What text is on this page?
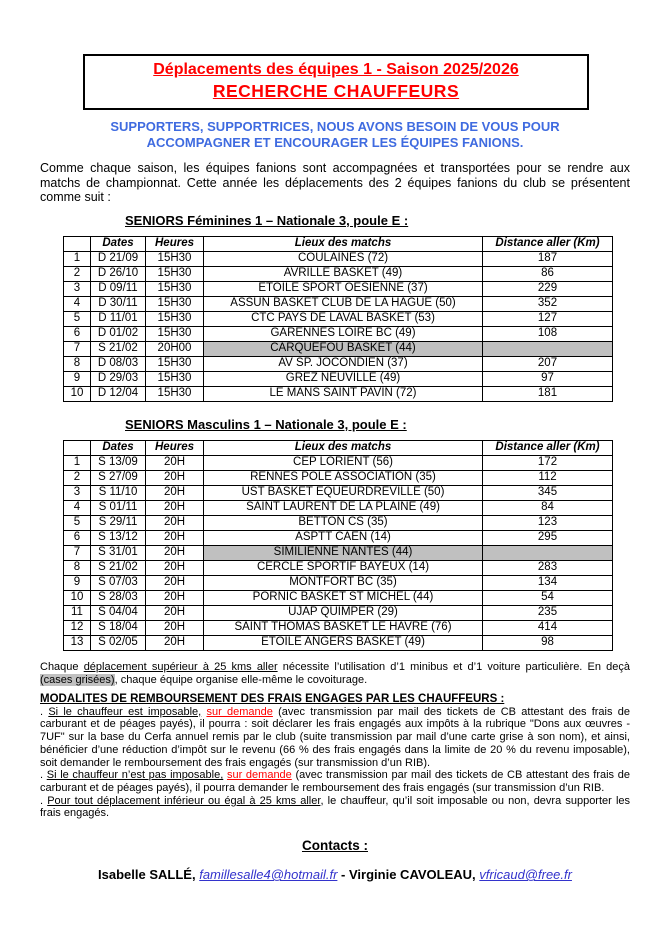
Déplacements des équipes 1 - Saison 2025/2026
RECHERCHE CHAUFFEURS
SUPPORTERS, SUPPORTRICES, NOUS AVONS BESOIN DE VOUS POUR
ACCOMPAGNER ET ENCOURAGER LES ÉQUIPES FANIONS.

Comme chaque saison, les équipes fanions sont accompagnées et transportées pour se rendre aux matchs de championnat. Cette année les déplacements des 2 équipes fanions du club se présentent comme suit :

SENIORS Féminines 1 – Nationale 3, poule E :
	Dates	Heures	Lieux des matchs	Distance aller (Km)
1	D 21/09	15H30	COULAINES (72)	187
2	D 26/10	15H30	AVRILLÉ BASKET (49)	86
3	D 09/11	15H30	ETOILE SPORT OESIENNE (37)	229
4	D 30/11	15H30	ASSUN BASKET CLUB DE LA HAGUE (50)	352
5	D 11/01	15H30	CTC PAYS DE LAVAL BASKET (53)	127
6	D 01/02	15H30	GARENNES LOIRE BC (49)	108
7	S 21/02	20H00	CARQUEFOU BASKET (44)	
8	D 08/03	15H30	AV SP. JOCONDIEN (37)	207
9	D 29/03	15H30	GREZ NEUVILLE (49)	97
10	D 12/04	15H30	LE MANS SAINT PAVIN (72)	181
SENIORS Masculins 1 – Nationale 3, poule E :
	Dates	Heures	Lieux des matchs	Distance aller (Km)
1	S 13/09	20H	CEP LORIENT (56)	172
2	S 27/09	20H	RENNES POLE ASSOCIATION (35)	112
3	S 11/10	20H	UST BASKET EQUEURDREVILLE (50)	345
4	S 01/11	20H	SAINT LAURENT DE LA PLAINE (49)	84
5	S 29/11	20H	BETTON CS (35)	123
6	S 13/12	20H	ASPTT CAEN (14)	295
7	S 31/01	20H	SIMILIENNE NANTES (44)	
8	S 21/02	20H	CERCLE SPORTIF BAYEUX (14)	283
9	S 07/03	20H	MONTFORT BC (35)	134
10	S 28/03	20H	PORNIC BASKET ST MICHEL (44)	54
11	S 04/04	20H	UJAP QUIMPER (29)	235
12	S 18/04	20H	SAINT THOMAS BASKET LE HAVRE (76)	414
13	S 02/05	20H	ETOILE ANGERS BASKET (49)	98

Chaque déplacement supérieur à 25 kms aller nécessite l’utilisation d’1 minibus et d’1 voiture particulière. En deçà (cases grisées), chaque équipe organise elle-même le covoiturage.

MODALITES DE REMBOURSEMENT DES FRAIS ENGAGES PAR LES CHAUFFEURS :

. Si le chauffeur est imposable, sur demande (avec transmission par mail des tickets de CB attestant des frais de carburant et de péages payés), il pourra : soit déclarer les frais engagés aux impôts à la rubrique "Dons aux œuvres - 7UF" sur la base du Cerfa annuel remis par le club (suite transmission par mail d’une carte grise à son nom), et ainsi, bénéficier d’une réduction d’impôt sur le revenu (66 % des frais engagés dans la limite de 20 % du revenu imposable), soit demander le remboursement des frais engagés (sur transmission d’un RIB).

. Si le chauffeur n’est pas imposable, sur demande (avec transmission par mail des tickets de CB attestant des frais de carburant et de péages payés), il pourra demander le remboursement des frais engagés (sur transmission d’un RIB.

. Pour tout déplacement inférieur ou égal à 25 kms aller, le chauffeur, qu’il soit imposable ou non, devra supporter les frais engagés.

Contacts :
Isabelle SALLÉ, famillesalle4@hotmail.fr - Virginie CAVOLEAU, vfricaud@free.fr
